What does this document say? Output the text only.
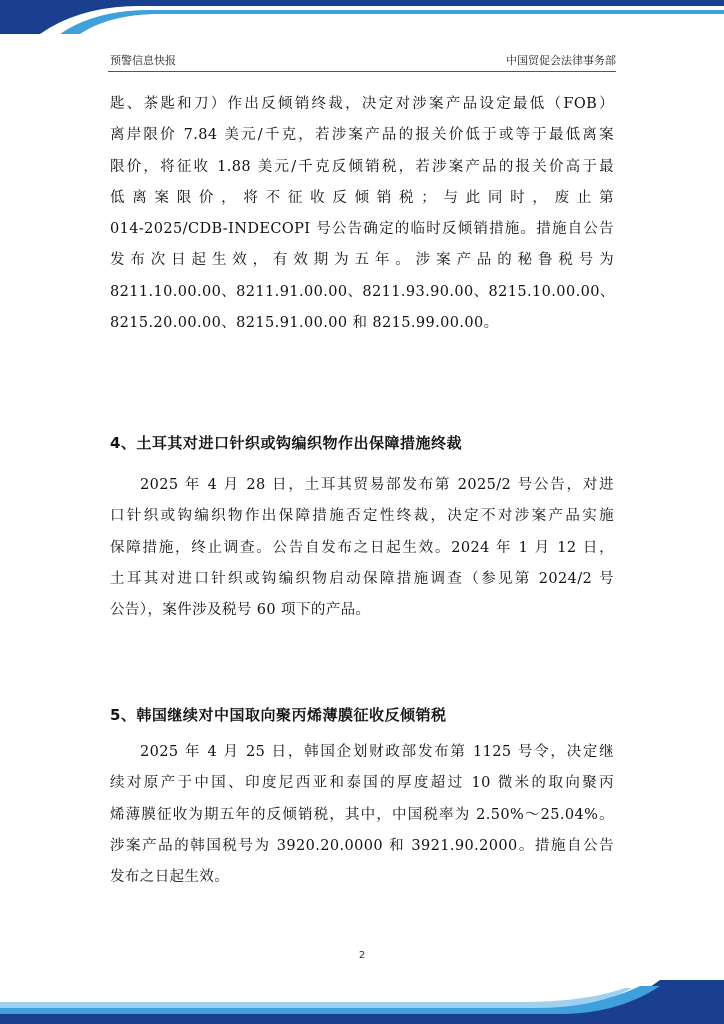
预警信息快报	中国贸促会法律事务部
匙、茶匙和刀）作出反倾销终裁，决定对涉案产品设定最低（FOB）
离岸限价 7.84 美元/千克，若涉案产品的报关价低于或等于最低离案
限价，将征收 1.88 美元/千克反倾销税，若涉案产品的报关价高于最
低离案限价，将不征收反倾销税；与此同时，废止第
014-2025/CDB-INDECOPI 号公告确定的临时反倾销措施。措施自公告
发布次日起生效，有效期为五年。涉案产品的秘鲁税号为
8211.10.00.00、8211.91.00.00、8211.93.90.00、8215.10.00.00、
8215.20.00.00、8215.91.00.00 和 8215.99.00.00。
4、土耳其对进口针织或钩编织物作出保障措施终裁
2025 年 4 月 28 日，土耳其贸易部发布第 2025/2 号公告，对进
口针织或钩编织物作出保障措施否定性终裁，决定不对涉案产品实施
保障措施，终止调查。公告自发布之日起生效。2024 年 1 月 12 日，
土耳其对进口针织或钩编织物启动保障措施调查（参见第 2024/2 号
公告），案件涉及税号 60 项下的产品。
5、韩国继续对中国取向聚丙烯薄膜征收反倾销税
2025 年 4 月 25 日，韩国企划财政部发布第 1125 号令，决定继
续对原产于中国、印度尼西亚和泰国的厚度超过 10 微米的取向聚丙
烯薄膜征收为期五年的反倾销税，其中，中国税率为 2.50%～25.04%。
涉案产品的韩国税号为 3920.20.0000 和 3921.90.2000。措施自公告
发布之日起生效。
2
